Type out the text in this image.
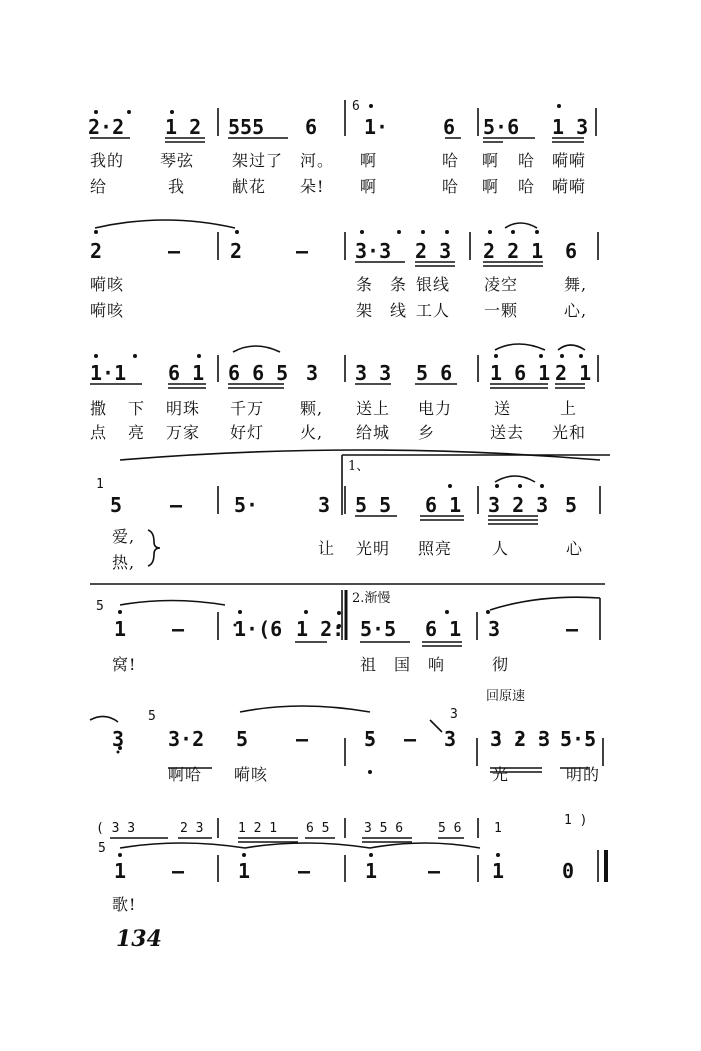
6
2·2 1 2 555 6 1·	6 5·6 1 3
我的 琴弦 架过了 河。 啊	哈 啊 哈 嗬嗬
给	我	献花 朵! 啊	哈 啊 哈 嗬嗬
2	— 2	— 3·3 2 3 2 2 1 6
嗬咳	条 条 银线 凌空	舞,
嗬咳	架 线 工人 一颗	心,
1·1 6 1 6 6 5 3 3 3 5 6 1 6 1 2 1
撒 下 明珠 千万 颗, 送上 电力	送	上
点 亮 万家 好灯 火, 给城 乡	送去 光和
1
1、
5 —	5·	3 5 5 6 1 3 2 3 5
爱,
热,
让 光明 照亮 人	心
5
2.渐慢
1 — 1·(6 1 2: 5·5 6 1 3	—
窝!	祖 国 响	彻
回原速
5	3
3 3·2 5 —	5 — 3 3 2 3 5·5
啊哈 嗬咳	光	明的
( 3 3	2 3	1 2 1 6 5	3 5 6	5 6	1
1 )
5
1 —	1 —	1	—	1	0
歌!
134
